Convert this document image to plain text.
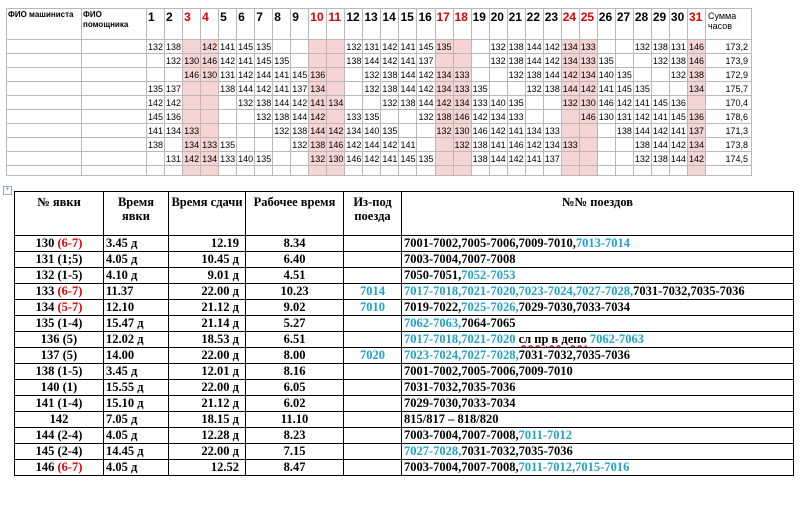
ФИО машиниста	ФИО помощника	1	2	3	4	5	6	7	8	9	10	11	12	13	14	15	16	17	18	19	20	21	22	23	24	25	26	27	28	29	30	31	Сумма часов
		132	138		142	141	145	135					132	131	142	141	145	135			132	138	144	142	134	133			132	138	131	146	173,2
			132	130	146	142	141	145	135				138	144	142	141	137				132	138	144	142	134	133	135			132	138	146	173,9
				146	130	131	142	144	141	145	136			132	138	144	142	134	133			132	138	144	142	134	140	135			132	138	172,9
		135	137			138	144	142	141	137	134			132	138	144	142	134	133	135			132	138	144	142	141	145	135			134	175,7
		142	142				132	138	144	142	141	134			132	138	144	142	134	133	140	135			132	130	146	142	141	145	136		170,4
		145	136					132	138	144	142		133	135			132	138	146	142	134	133				146	130	131	142	141	145	136	178,6
		141	134	133					132	138	144	142	134	140	135			132	130	146	142	141	134	133				138	144	142	141	137	171,3
		138		134	133	135				132	138	146	142	144	142	141			132	138	141	146	142	134	133				138	144	142	134	173,8
			131	142	134	133	140	135			132	130	146	142	141	145	135			138	144	142	141	137					132	138	144	142	174,5

+
№ явки	Время явки	Время сдачи	Рабочее время	Из-под поезда	№№ поездов
130 (6-7)	3.45 д	12.19	8.34		7001-7002,7005-7006,7009-7010,7013-7014
131 (1;5)	4.05 д	10.45 д	6.40		7003-7004,7007-7008
132 (1-5)	4.10 д	9.01 д	4.51		7050-7051,7052-7053
133 (6-7)	11.37	22.00 д	10.23	7014	7017-7018,7021-7020,7023-7024,7027-7028,7031-7032,7035-7036
134 (5-7)	12.10	21.12 д	9.02	7010	7019-7022,7025-7026,7029-7030,7033-7034
135 (1-4)	15.47 д	21.14 д	5.27		7062-7063,7064-7065
136 (5)	12.02 д	18.53 д	6.51		7017-7018,7021-7020 сл пр в депо 7062-7063
137 (5)	14.00	22.00 д	8.00	7020	7023-7024,7027-7028,7031-7032,7035-7036
138 (1-5)	3.45 д	12.01 д	8.16		7001-7002,7005-7006,7009-7010
140 (1)	15.55 д	22.00 д	6.05		7031-7032,7035-7036
141 (1-4)	15.10 д	21.12 д	6.02		7029-7030,7033-7034
142	7.05 д	18.15 д	11.10		815/817 – 818/820
144 (2-4)	4.05 д	12.28 д	8.23		7003-7004,7007-7008,7011-7012
145 (2-4)	14.45 д	22.00 д	7.15		7027-7028,7031-7032,7035-7036
146 (6-7)	4.05 д	12.52	8.47		7003-7004,7007-7008,7011-7012,7015-7016
